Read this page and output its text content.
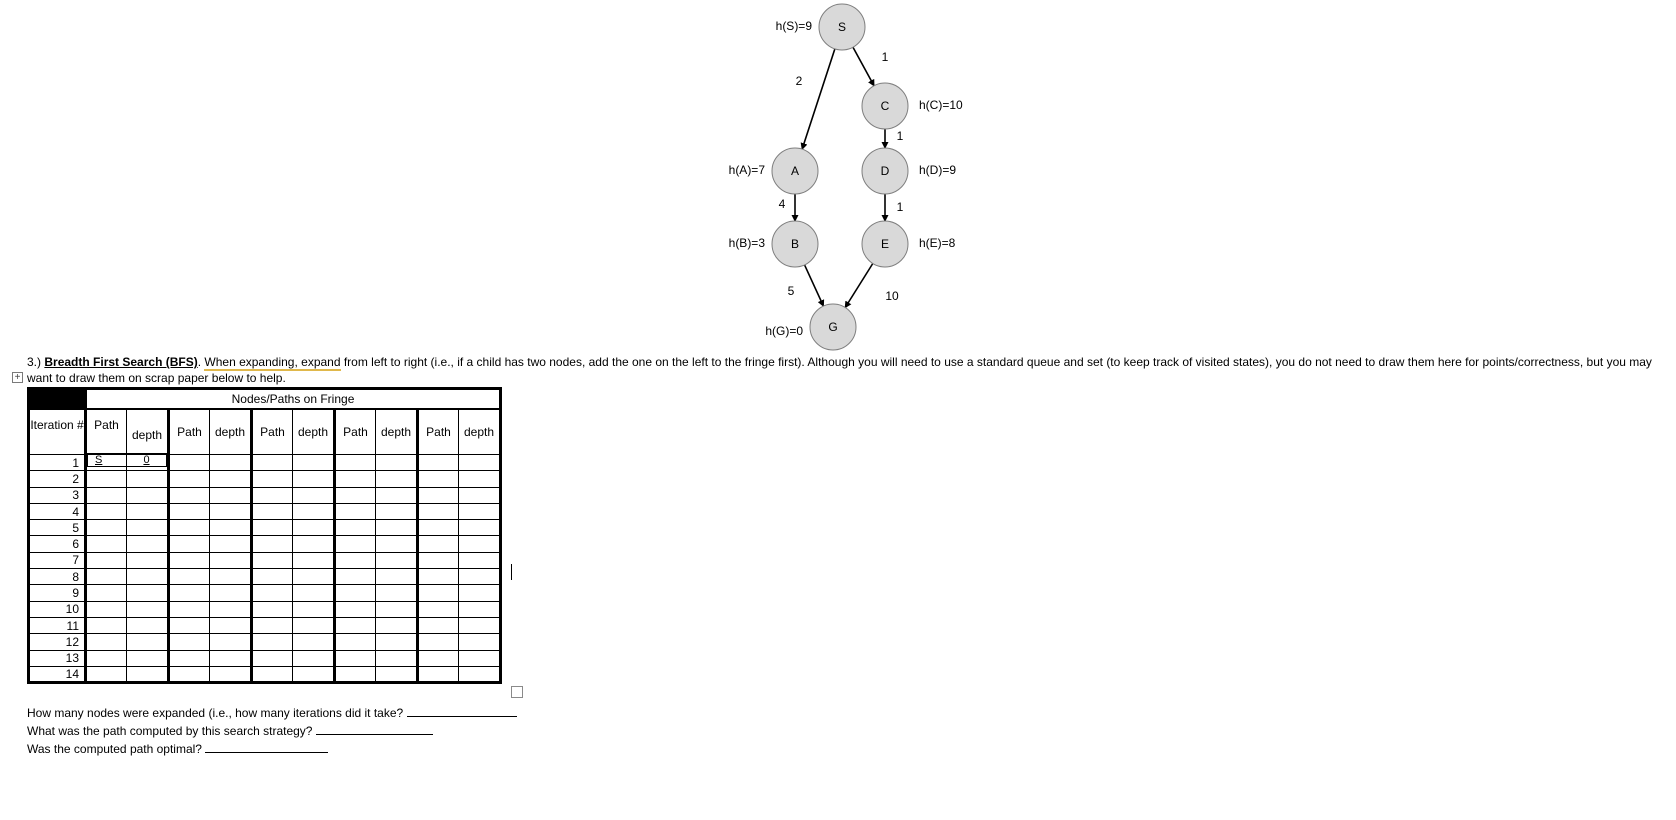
2
1
1
4	1
5	10
S
h(S)=9
C h(C)=10
A
h(A)=7	D h(D)=9
B
h(B)=3	E h(E)=8
G
h(G)=0
3.) Breadth First Search (BFS). When expanding, expand from left to right (i.e., if a child has two nodes, add the one on the left to the fringe first). Although you will need to use a standard queue and set (to keep track of visited states), you do not need to draw them here for points/correctness, but you may want to draw them on scrap paper below to help.
+
	Nodes/Paths on Fringe									
Iteration #	Path	depth	Path	depth	Path	depth	Path	depth	Path	depth
1	S	0								

2										
3										
4										
5										
6										
7										
8										
9										
10										
11										
12										
13										
14										
How many nodes were expanded (i.e., how many iterations did it take?
What was the path computed by this search strategy?
Was the computed path optimal?
